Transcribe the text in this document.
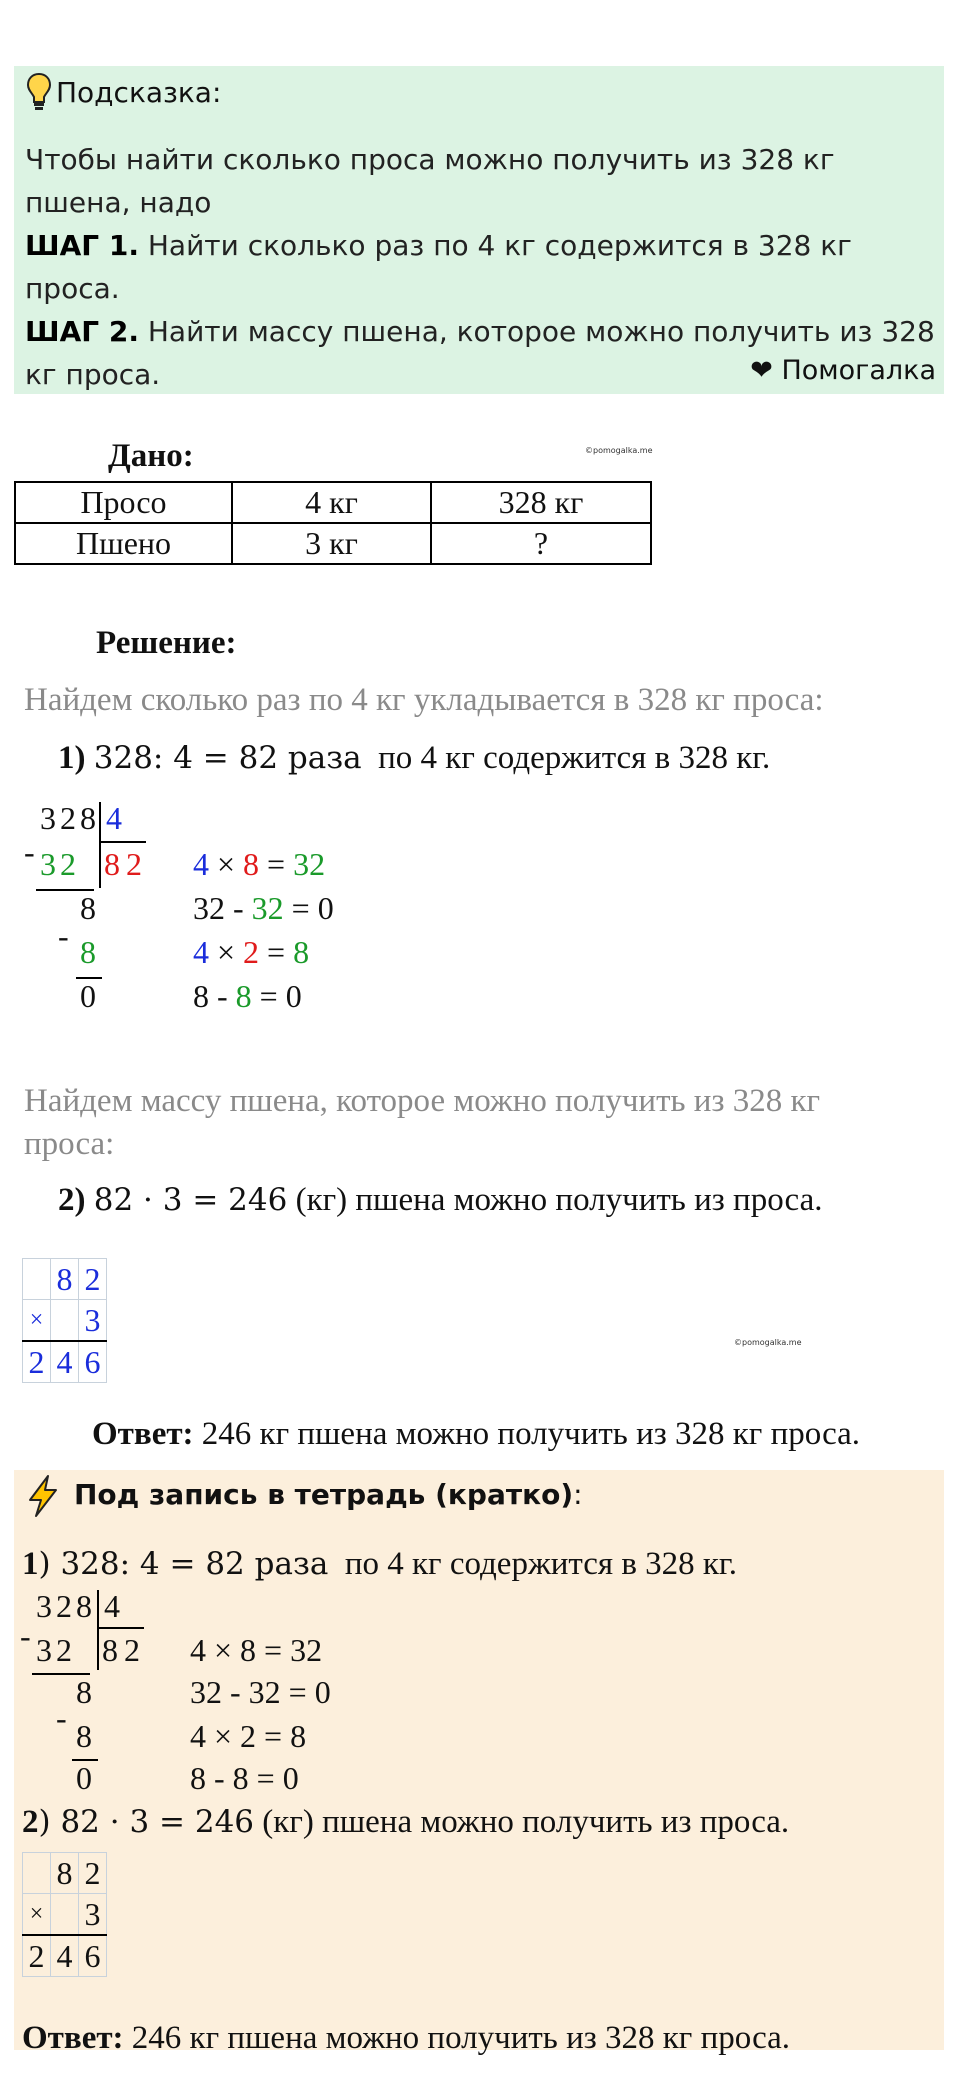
Подсказка:
Чтобы найти сколько проса можно получить из 328 кг пшена, надо
ШАГ 1. Найти сколько раз по 4 кг содержится в 328 кг проса.
ШАГ 2. Найти массу пшена, которое можно получить из 328 кг проса.	❤ Помогалка
Дано:	©pomogalka.me
Просо	4 кг	328 кг
Пшено	3 кг	?
Решение:
Найдем сколько раз по 4 кг укладывается в 328 кг проса:
1) 328: 4 = 82 раза по 4 кг содержится в 328 кг.
328 4
- 32 82
8
- 8
0
4 × 8 = 32
32 - 32 = 0
4 × 2 = 8
8 - 8 = 0
Найдем массу пшена, которое можно получить из 328 кг проса:
2) 82 · 3 = 246 (кг) пшена можно получить из проса.
	8	2
×		3
2	4	6
©pomogalka.me
Ответ: 246 кг пшена можно получить из 328 кг проса.
Под запись в тетрадь (кратко):
1) 328: 4 = 82 раза по 4 кг содержится в 328 кг.
328 4
- 32 82
8
- 8
0
4 × 8 = 32
32 - 32 = 0
4 × 2 = 8
8 - 8 = 0
2) 82 · 3 = 246 (кг) пшена можно получить из проса.
	8	2
×		3
2	4	6
Ответ: 246 кг пшена можно получить из 328 кг проса.
